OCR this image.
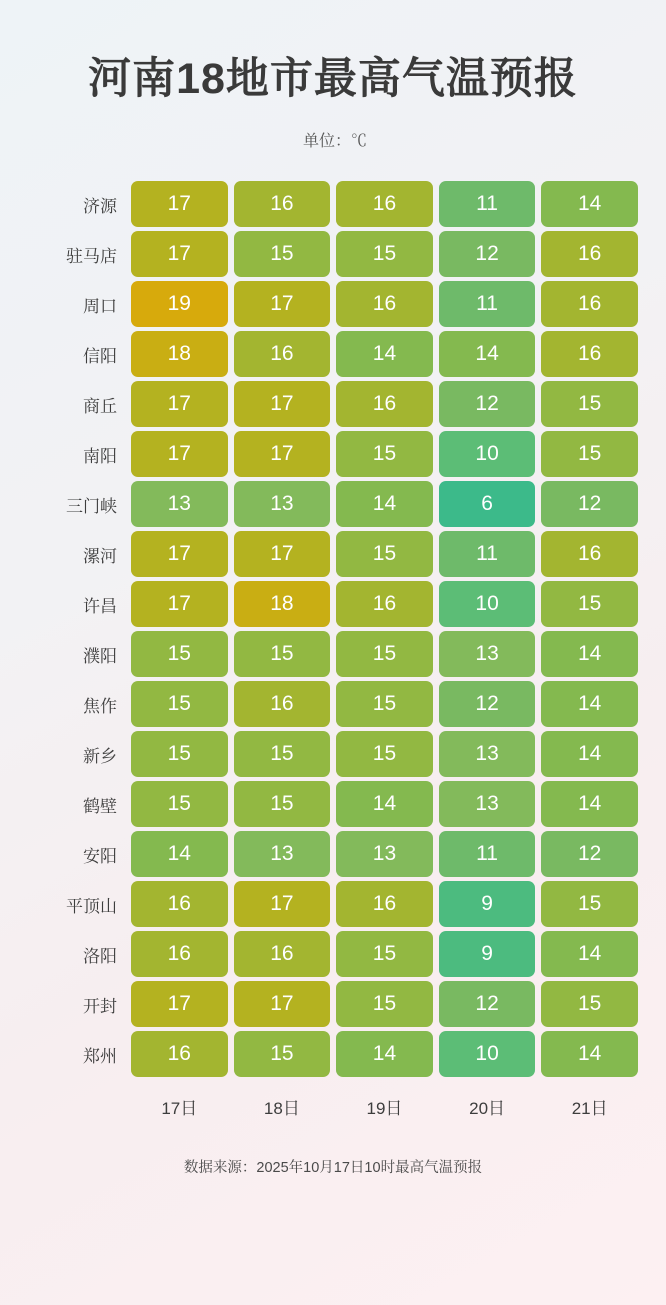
河南18地市最高气温预报
单位：℃
济源	17	16	16	11	14
驻马店	17	15	15	12	16
周口	19	17	16	11	16
信阳	18	16	14	14	16
商丘	17	17	16	12	15
南阳	17	17	15	10	15
三门峡	13	13	14	6	12
漯河	17	17	15	11	16
许昌	17	18	16	10	15
濮阳	15	15	15	13	14
焦作	15	16	15	12	14
新乡	15	15	15	13	14
鹤壁	15	15	14	13	14
安阳	14	13	13	11	12
平顶山	16	17	16	9	15
洛阳	16	16	15	9	14
开封	17	17	15	12	15
郑州	16	15	14	10	14
	17日	18日	19日	20日	21日
数据来源：2025年10月17日10时最高气温预报
